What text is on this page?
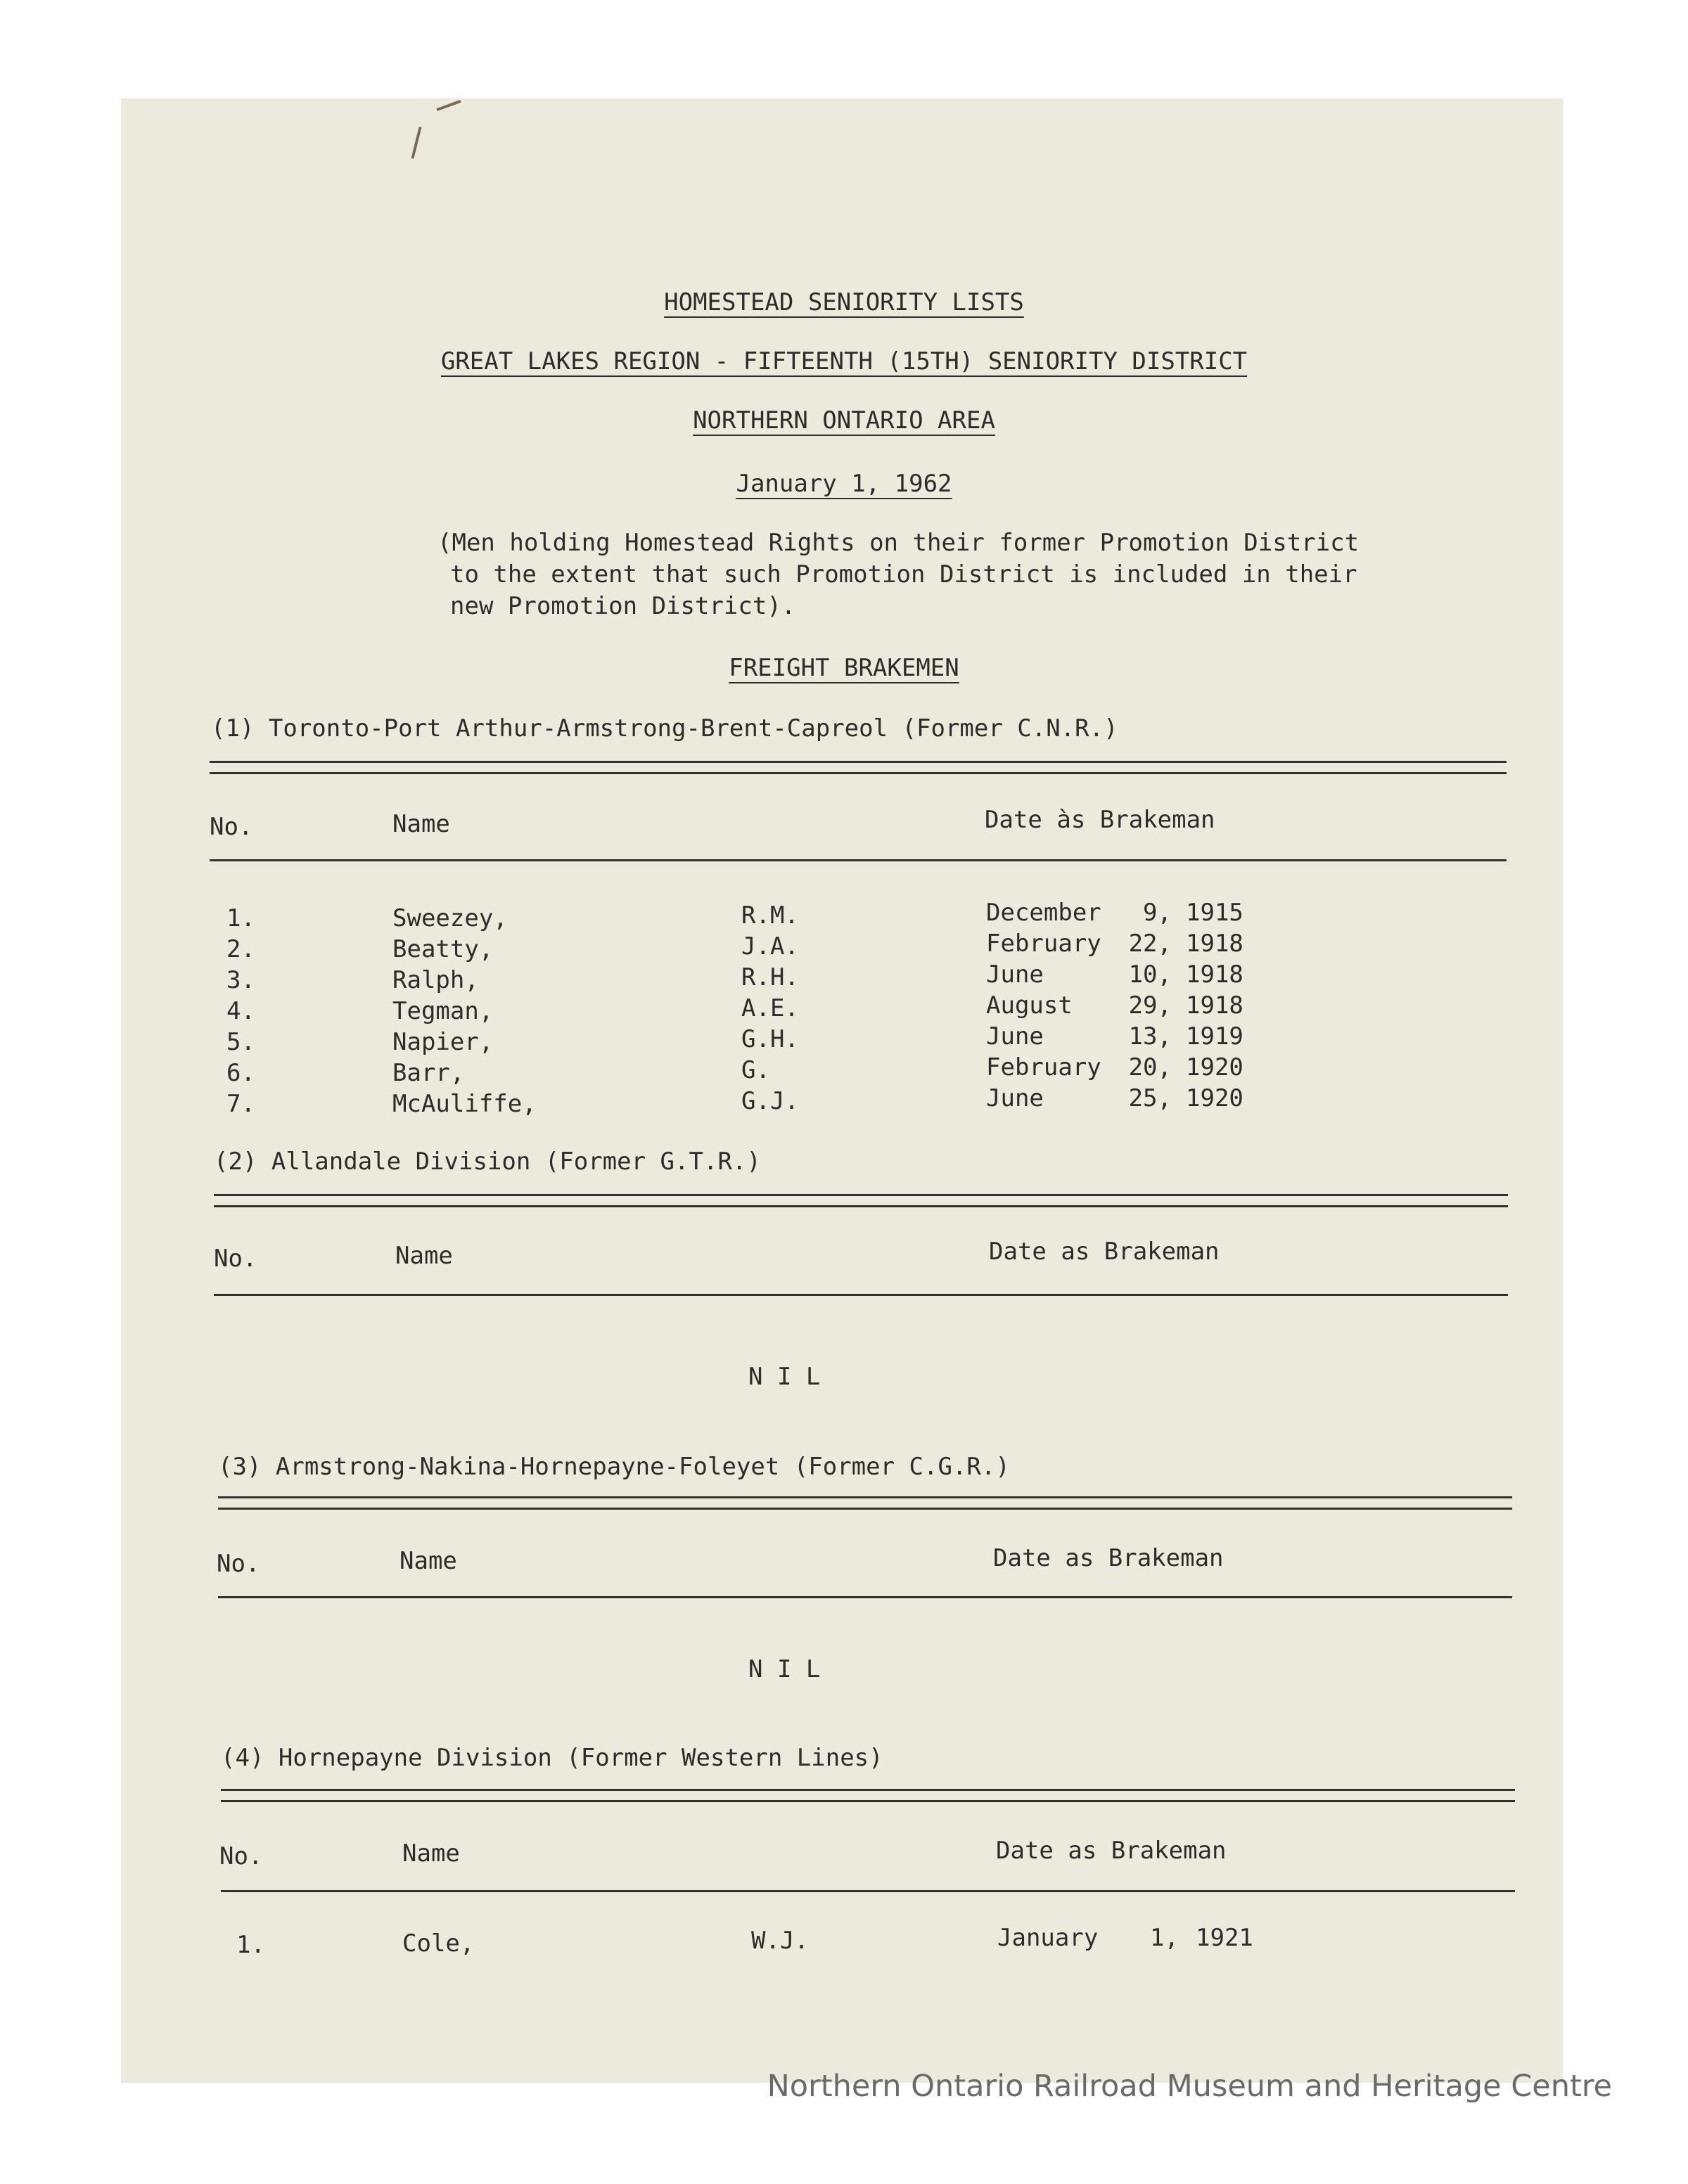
HOMESTEAD SENIORITY LISTS
GREAT LAKES REGION - FIFTEENTH (15TH) SENIORITY DISTRICT
NORTHERN ONTARIO AREA
January 1, 1962
(Men holding Homestead Rights on their former Promotion District
to the extent that such Promotion District is included in their
new Promotion District).
FREIGHT BRAKEMEN
(1) Toronto-Port Arthur-Armstrong-Brent-Capreol (Former C.N.R.)
No.	Name	Date às Brakeman
1.	Sweezey,	R.M.	December	9, 1915
2.	Beatty,	J.A.	February	22, 1918
3.	Ralph,	R.H.	June	10, 1918
4.	Tegman,	A.E.	August	29, 1918
5.	Napier,	G.H.	June	13, 1919
6.	Barr,	G.	February	20, 1920
7.	McAuliffe,	G.J.	June	25, 1920
(2) Allandale Division (Former G.T.R.)
No.	Name	Date as Brakeman
N I L
(3) Armstrong-Nakina-Hornepayne-Foleyet (Former C.G.R.)
No.	Name	Date as Brakeman
N I L
(4) Hornepayne Division (Former Western Lines)
No.	Name	Date as Brakeman
1.	Cole,	W.J.	January	1, 1921
Northern Ontario Railroad Museum and Heritage Centre
